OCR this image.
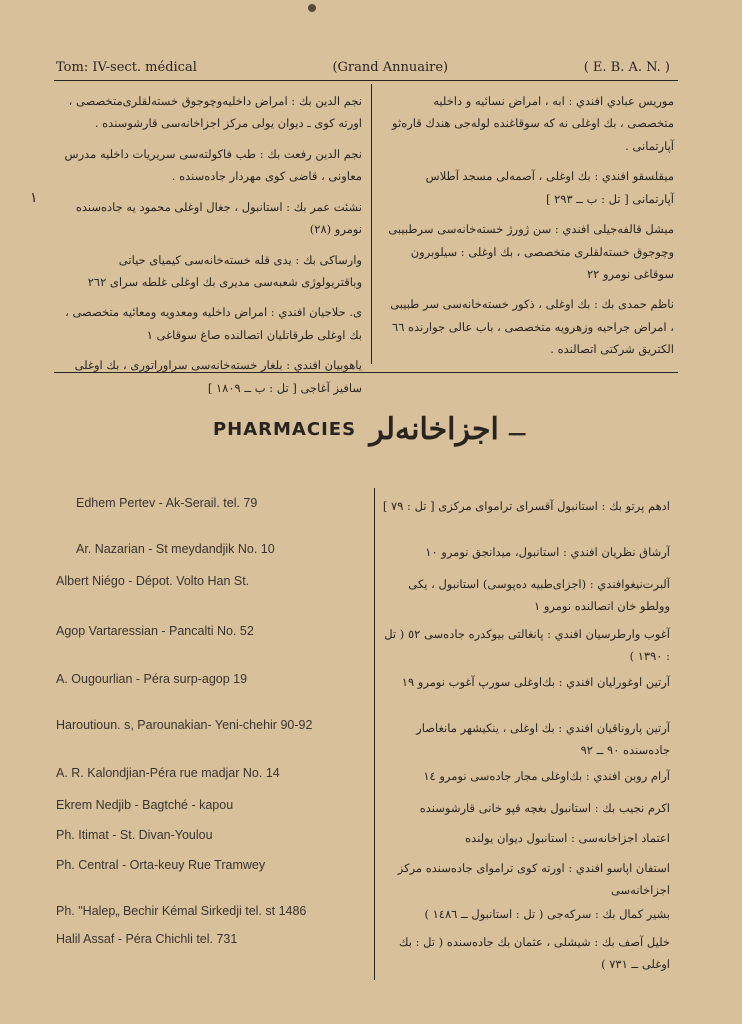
Tom: IV-sect. médical	(Grand Annuaire)	( E. B. A. N. )
موريس عبادي افندي : ابه ، امراض نسائيه و داخليه متخصصى ، بك اوغلى نه كه سوقاغنده لوله‌جى هندك قارە‌ثو آپارتمانى .
ميقلسقو افندي : بك اوغلى ، آصمه‌لى مسجد آطلاس آپارتمانى [ تل : ب ــ ٢٩٣ ]
ميشل قالفه‌جيلى افندي : سن ژورژ خسته‌خانه‌سى سرطبيبى وچوجوق خسته‌لقلرى متخصصى ، بك اوغلى : سيلوبرون سوقاغى نومرو ٢٢
ناظم حمدى بك : بك اوغلى ، ذكور خسته‌خانه‌سى سر طبيبى ، امراض جراحيه وزهرويه متخصصى ، باب عالى جوارنده ٦٦ الكتريق شركتى اتصالنده .
نجم الدين بك : امراض داخليه‌وچوجوق خسته‌لقلرى‌متخصصى ، اورته كوى ـ ديوان يولى مركز اجزاخانه‌سى قارشوسنده .
نجم الدين رفعت بك : طب فاكولته‌سى سريريات داخليه مدرس معاونى ، قاضى كوى مهردار جاده‌سنده .
نشئت عمر بك : استانبول ، جغال اوغلى محمود يه جاده‌سنده نومرو (٢٨)
وارساكى بك : يدى قله خسته‌خانه‌سى كيمياى حياتى وباقتريولوژى شعبه‌سى مديرى بك اوغلى غلطه سراى ٢٦٢
ى. حلاجيان افندي : امراض داخليه ومعدويه ومعائيه متخصصى ، بك اوغلى طرقاتليان اتصالنده صاغ سوقاغى ١
ياهوبيان افندي : بلغار خسته‌خانه‌سى سراوراتورى ، بك اوغلى سافيز آغاجى [ تل : ب ــ ١٨٠٩ ]
١
PHARMACIES	ـــ اجزاخانه‌لر
Edhem Pertev - Ak-Serail. tel. 79	ادهم پرتو بك : استانبول آقسراى ترامواى مركزى [ تل : ٧٩ ]
Ar. Nazarian - St meydandjik No. 10	آرشاق نظريان افندي : استانبول، ميدانجق نومرو ١٠
Albert Niégo - Dépot. Volto Han St.	آلبرت‌نيغوافندي : (اجزاى‌طبيه دەپوسى) استانبول ، يكى وولطو خان اتصالنده نومرو ١
Agop Vartaressian - Pancalti No. 52	آغوب وارطرسيان افندي : پانغالتى بيوكدره جاده‌سى ٥٢ ( تل : ١٣٩٠ )
A. Ougourlian - Péra surp-agop 19	آرتين اوغورليان افندي : بك‌اوغلى سورپ آغوب نومرو ١٩
Haroutioun. s, Parounakian- Yeni-chehir 90-92	آرتين پاروناقيان افندي : بك اوغلى ، ينكيشهر مانغاصار جاده‌سنده ٩٠ ــ ٩٢
A. R. Kalondjian-Péra rue madjar No. 14	آرام روبن افندي : بك‌اوغلى مجار جاده‌سى نومرو ١٤
Ekrem Nedjib - Bagtché - kapou	اكرم نجيب بك : استانبول بغچه قپو خانى قارشوسنده
Ph. Itimat - St. Divan-Youlou	اعتماد اجزاخانه‌سى : استانبول ديوان يولنده
Ph. Central - Orta-keuy Rue Tramwey	استفان اپاسو افندي : اورته كوى ترامواى جاده‌سنده مركز اجزاخانه‌سى
Ph. "Halep„ Bechir Kémal Sirkedji tel. st 1486	بشير كمال بك : سركه‌جى ( تل : استانبول ــ ١٤٨٦ )
Halil Assaf - Péra Chichli tel. 731	خليل آصف بك : شيشلى ، عثمان بك جاده‌سنده ( تل : بك اوغلى ــ ٧٣١ )
